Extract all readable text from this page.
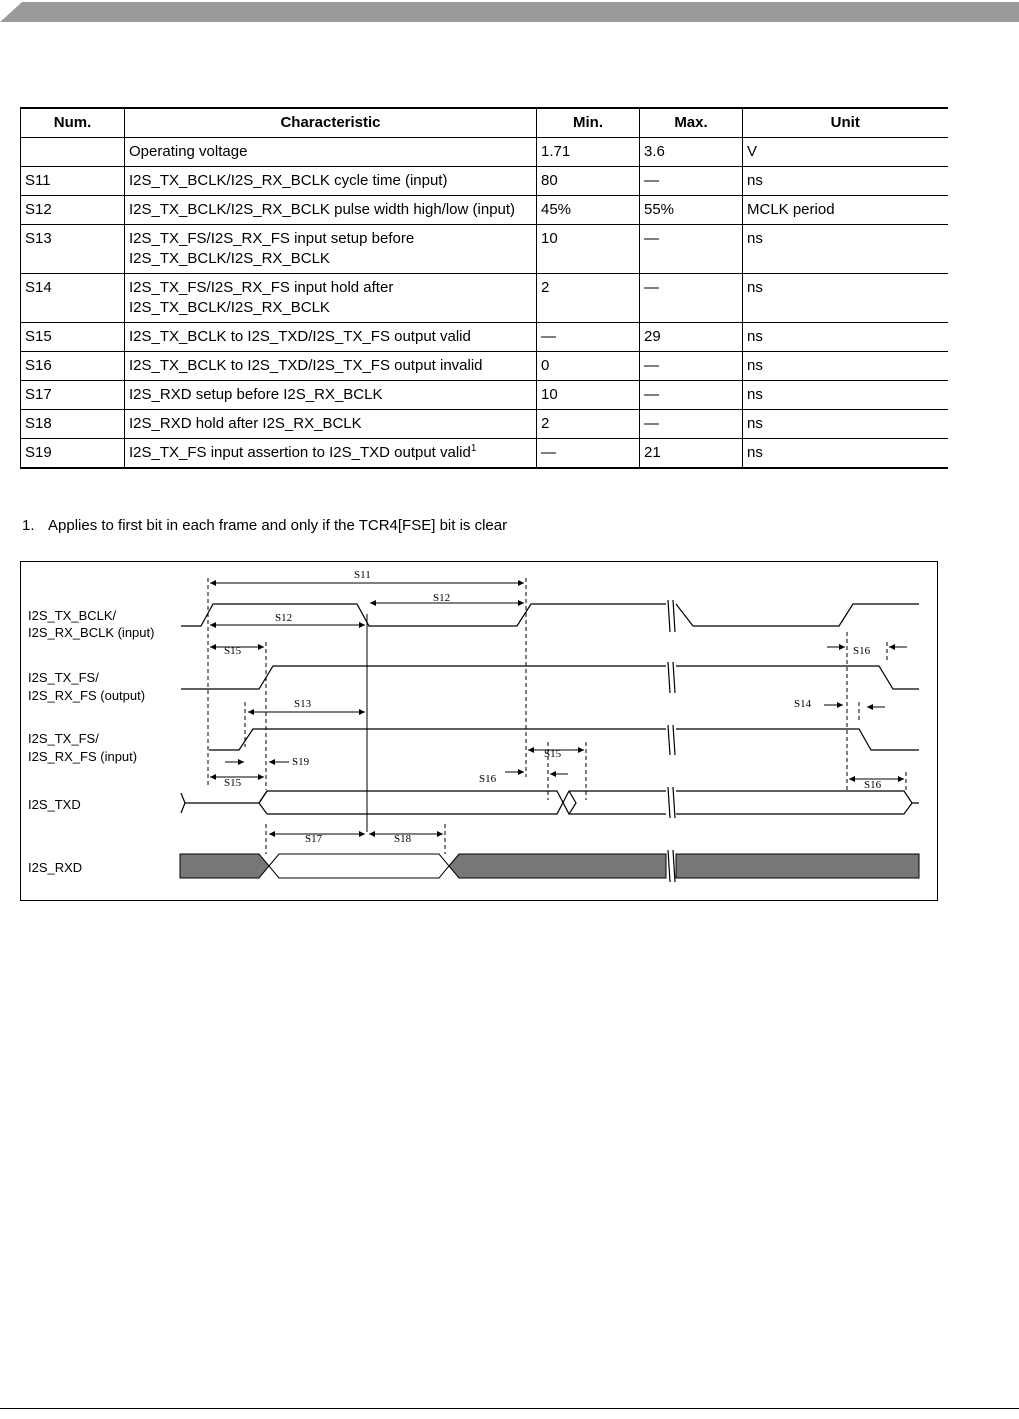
Num.	Characteristic	Min.	Max.	Unit
	Operating voltage	1.71	3.6	V
S11	I2S_TX_BCLK/I2S_RX_BCLK cycle time (input)	80	—	ns
S12	I2S_TX_BCLK/I2S_RX_BCLK pulse width high/low (input)	45%	55%	MCLK period
S13	I2S_TX_FS/I2S_RX_FS input setup before I2S_TX_BCLK/I2S_RX_BCLK	10	—	ns
S14	I2S_TX_FS/I2S_RX_FS input hold after I2S_TX_BCLK/I2S_RX_BCLK	2	—	ns
S15	I2S_TX_BCLK to I2S_TXD/I2S_TX_FS output valid	—	29	ns
S16	I2S_TX_BCLK to I2S_TXD/I2S_TX_FS output invalid	0	—	ns
S17	I2S_RXD setup before I2S_RX_BCLK	10	—	ns
S18	I2S_RXD hold after I2S_RX_BCLK	2	—	ns
S19	I2S_TX_FS input assertion to I2S_TXD output valid$^1$	—	21	ns
1. Applies to first bit in each frame and only if the TCR4[FSE] bit is clear
I2S_TX_BCLK/
I2S_RX_BCLK (input)
I2S_TX_FS/
I2S_RX_FS (output)
I2S_TX_FS/
I2S_RX_FS (input)
I2S_TXD
I2S_RXD
S11
S12
S12
S15	S16
S13	S14
S19
S15
S16
S15	S16
S17	S18
